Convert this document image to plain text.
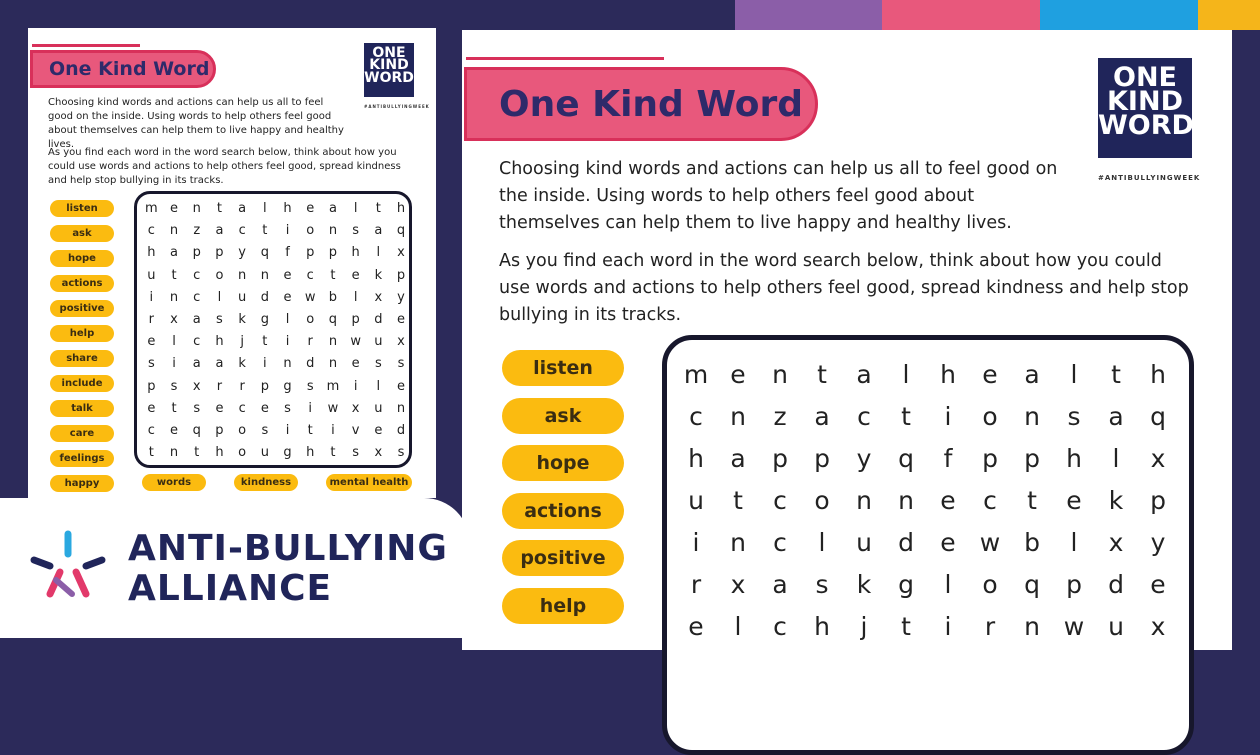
One Kind Word
ONE
KIND
WORD
#ANTIBULLYINGWEEK

Choosing kind words and actions can help us all to feel good on the inside. Using words to help others feel good about themselves can help them to live happy and healthy lives.

As you find each word in the word search below, think about how you could use words and actions to help others feel good, spread kindness and help stop bullying in its tracks.

listen
ask
hope
actions
positive
help
share
include
talk
care
feelings
happy
m e	n	t	a	l	h	e	a	l	t	h
c	n	z	a	c	t	i	o	n	s	a	q
h	a	p	p	y	q	f	p	p	h	l	x
u	t	c	o	n	n	e	c	t	e	k	p
i	n	c	l	u	d	e	w	b	l	x	y
r	x	a	s	k	g	l	o	q	p	d	e
e	l	c	h	j	t	i	r	n	w	u	x
s	i	a	a	k	i	n	d	n	e	s	s
p	s	x	r	r	p	g	s m	i	l	e
e	t	s	e	c	e	s	i	w	x	u	n
c	e	q	p	o	s	i	t	i	v	e	d
t	n	t	h	o	u	g	h	t	s	x	s
words	kindness	mental health
One Kind Word
ONE
KIND
WORD
#ANTIBULLYINGWEEK

Choosing kind words and actions can help us all to feel good on the inside. Using words to help others feel good about themselves can help them to live happy and healthy lives.

As you find each word in the word search below, think about how you could use words and actions to help others feel good, spread kindness and help stop bullying in its tracks.

listen
ask
hope
actions
positive
help
m e	n	t	a	l	h	e	a	l	t	h
c	n	z	a	c	t	i	o	n	s	a	q
h	a	p	p	y	q	f	p	p	h	l	x
u	t	c	o	n	n	e	c	t	e	k	p
i	n	c	l	u	d	e w b	l	x	y
r	x	a	s	k	g	l	o	q	p	d	e
e	l	c	h	j	t	i	r	n w u	x
ANTI-BULLYING
ALLIANCE
